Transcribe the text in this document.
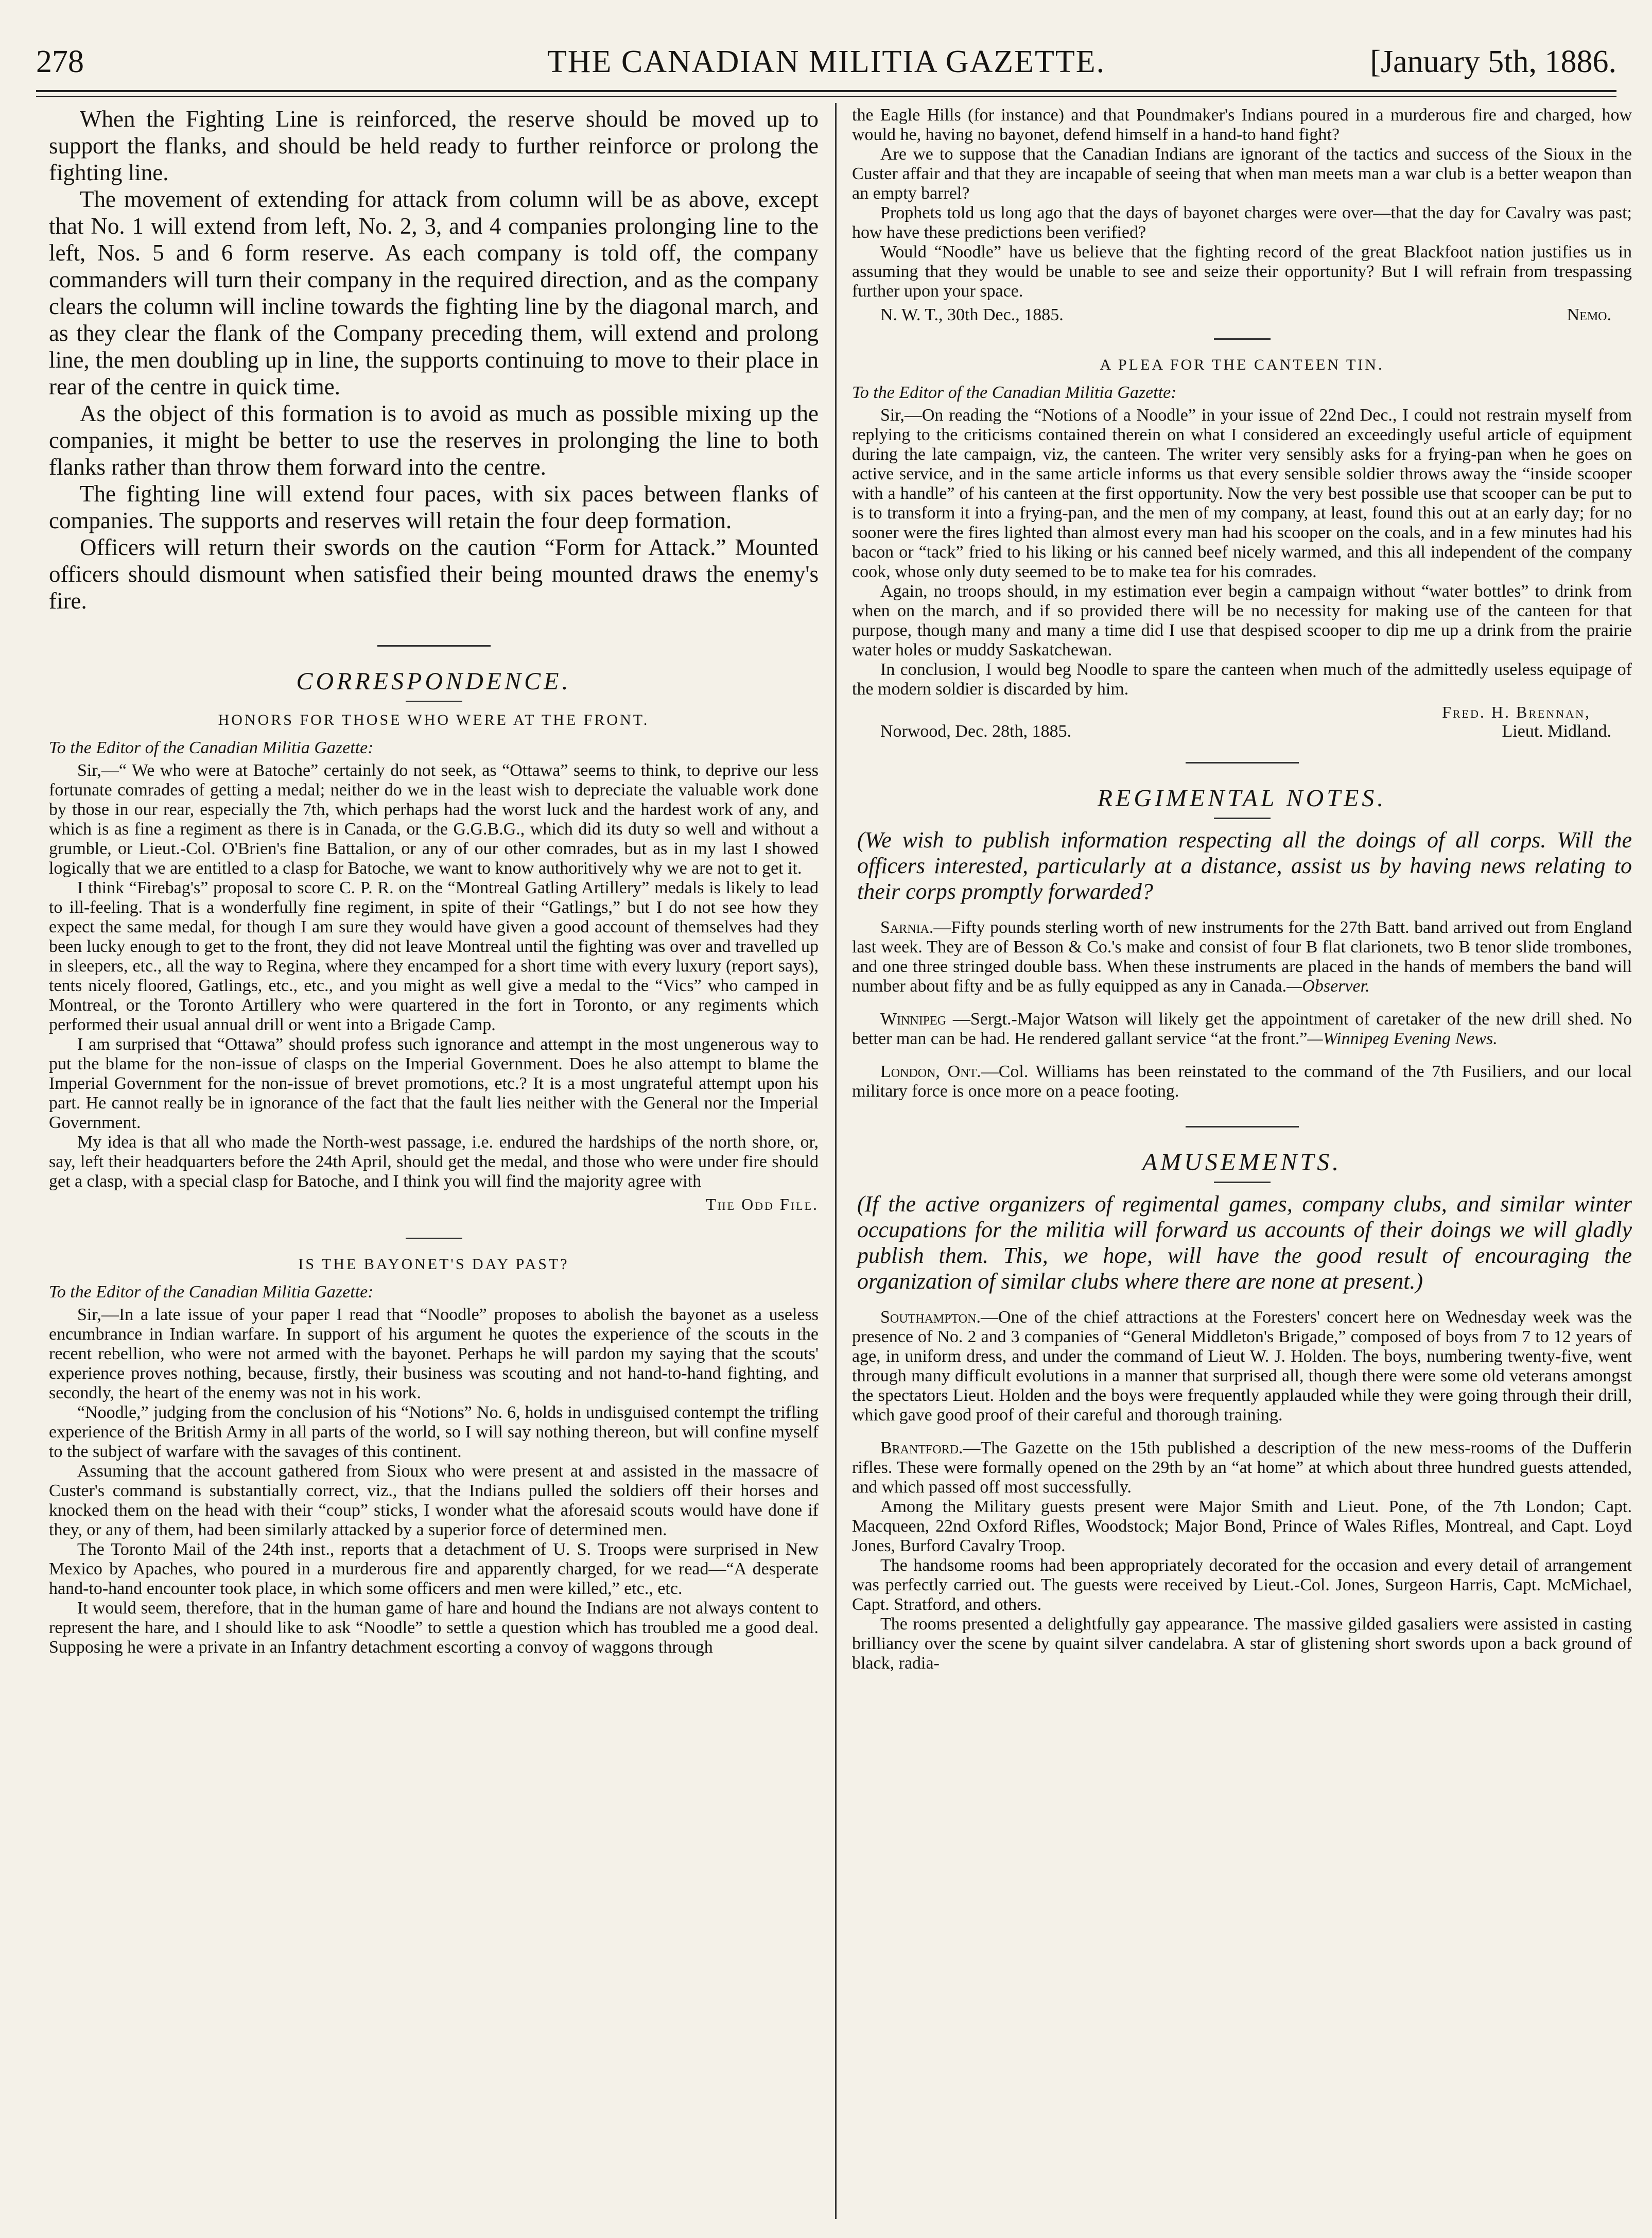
278	THE CANADIAN MILITIA GAZETTE.	[January 5th, 1886.

When the Fighting Line is reinforced, the reserve should be moved up to support the flanks, and should be held ready to further reinforce or prolong the fighting line.

The movement of extending for attack from column will be as above, except that No. 1 will extend from left, No. 2, 3, and 4 companies prolonging line to the left, Nos. 5 and 6 form reserve. As each company is told off, the company commanders will turn their company in the required direction, and as the company clears the column will incline towards the fighting line by the diagonal march, and as they clear the flank of the Company preceding them, will extend and prolong line, the men doubling up in line, the supports continuing to move to their place in rear of the centre in quick time.

As the object of this formation is to avoid as much as possible mixing up the companies, it might be better to use the reserves in prolonging the line to both flanks rather than throw them forward into the centre.

The fighting line will extend four paces, with six paces between flanks of companies. The supports and reserves will retain the four deep formation.

Officers will return their swords on the caution “Form for Attack.” Mounted officers should dismount when satisfied their being mounted draws the enemy's fire.

CORRESPONDENCE.
HONORS FOR THOSE WHO WERE AT THE FRONT.
To the Editor of the Canadian Militia Gazette:

Sir,—“ We who were at Batoche” certainly do not seek, as “Ottawa” seems to think, to deprive our less fortunate comrades of getting a medal; neither do we in the least wish to depreciate the valuable work done by those in our rear, especially the 7th, which perhaps had the worst luck and the hardest work of any, and which is as fine a regiment as there is in Canada, or the G.G.B.G., which did its duty so well and without a grumble, or Lieut.-Col. O'Brien's fine Battalion, or any of our other comrades, but as in my last I showed logically that we are entitled to a clasp for Batoche, we want to know authoritively why we are not to get it.

I think “Firebag's” proposal to score C. P. R. on the “Montreal Gatling Artillery” medals is likely to lead to ill-feeling. That is a wonderfully fine regiment, in spite of their “Gatlings,” but I do not see how they expect the same medal, for though I am sure they would have given a good account of themselves had they been lucky enough to get to the front, they did not leave Montreal until the fighting was over and travelled up in sleepers, etc., all the way to Regina, where they encamped for a short time with every luxury (report says), tents nicely floored, Gatlings, etc., etc., and you might as well give a medal to the “Vics” who camped in Montreal, or the Toronto Artillery who were quartered in the fort in Toronto, or any regiments which performed their usual annual drill or went into a Brigade Camp.

I am surprised that “Ottawa” should profess such ignorance and attempt in the most ungenerous way to put the blame for the non-issue of clasps on the Imperial Government. Does he also attempt to blame the Imperial Government for the non-issue of brevet promotions, etc.? It is a most ungrateful attempt upon his part. He cannot really be in ignorance of the fact that the fault lies neither with the General nor the Imperial Government.

My idea is that all who made the North-west passage, i.e. endured the hardships of the north shore, or, say, left their headquarters before the 24th April, should get the medal, and those who were under fire should get a clasp, with a special clasp for Batoche, and I think you will find the majority agree with

The Odd File.
IS THE BAYONET'S DAY PAST?
To the Editor of the Canadian Militia Gazette:

Sir,—In a late issue of your paper I read that “Noodle” proposes to abolish the bayonet as a useless encumbrance in Indian warfare. In support of his argument he quotes the experience of the scouts in the recent rebellion, who were not armed with the bayonet. Perhaps he will pardon my saying that the scouts' experience proves nothing, because, firstly, their business was scouting and not hand-to-hand fighting, and secondly, the heart of the enemy was not in his work.

“Noodle,” judging from the conclusion of his “Notions” No. 6, holds in undisguised contempt the trifling experience of the British Army in all parts of the world, so I will say nothing thereon, but will confine myself to the subject of warfare with the savages of this continent.

Assuming that the account gathered from Sioux who were present at and assisted in the massacre of Custer's command is substantially correct, viz., that the Indians pulled the soldiers off their horses and knocked them on the head with their “coup” sticks, I wonder what the aforesaid scouts would have done if they, or any of them, had been similarly attacked by a superior force of determined men.

The Toronto Mail of the 24th inst., reports that a detachment of U. S. Troops were surprised in New Mexico by Apaches, who poured in a murderous fire and apparently charged, for we read—“A desperate hand-to-hand encounter took place, in which some officers and men were killed,” etc., etc.

It would seem, therefore, that in the human game of hare and hound the Indians are not always content to represent the hare, and I should like to ask “Noodle” to settle a question which has troubled me a good deal. Supposing he were a private in an Infantry detachment escorting a convoy of waggons through

the Eagle Hills (for instance) and that Poundmaker's Indians poured in a murderous fire and charged, how would he, having no bayonet, defend himself in a hand-to hand fight?

Are we to suppose that the Canadian Indians are ignorant of the tactics and success of the Sioux in the Custer affair and that they are incapable of seeing that when man meets man a war club is a better weapon than an empty barrel?

Prophets told us long ago that the days of bayonet charges were over—that the day for Cavalry was past; how have these predictions been verified?

Would “Noodle” have us believe that the fighting record of the great Blackfoot nation justifies us in assuming that they would be unable to see and seize their opportunity? But I will refrain from trespassing further upon your space.

N. W. T., 30th Dec., 1885.	Nemo.
A PLEA FOR THE CANTEEN TIN.
To the Editor of the Canadian Militia Gazette:

Sir,—On reading the “Notions of a Noodle” in your issue of 22nd Dec., I could not restrain myself from replying to the criticisms contained therein on what I considered an exceedingly useful article of equipment during the late campaign, viz, the canteen. The writer very sensibly asks for a frying-pan when he goes on active service, and in the same article informs us that every sensible soldier throws away the “inside scooper with a handle” of his canteen at the first opportunity. Now the very best possible use that scooper can be put to is to transform it into a frying-pan, and the men of my company, at least, found this out at an early day; for no sooner were the fires lighted than almost every man had his scooper on the coals, and in a few minutes had his bacon or “tack” fried to his liking or his canned beef nicely warmed, and this all independent of the company cook, whose only duty seemed to be to make tea for his comrades.

Again, no troops should, in my estimation ever begin a campaign without “water bottles” to drink from when on the march, and if so provided there will be no necessity for making use of the canteen for that purpose, though many and many a time did I use that despised scooper to dip me up a drink from the prairie water holes or muddy Saskatchewan.

In conclusion, I would beg Noodle to spare the canteen when much of the admittedly useless equipage of the modern soldier is discarded by him.

Fred. H. Brennan,
Norwood, Dec. 28th, 1885.	Lieut. Midland.
REGIMENTAL NOTES.
(We wish to publish information respecting all the doings of all corps. Will the officers interested, particularly at a distance, assist us by having news relating to their corps promptly forwarded?

Sarnia.—Fifty pounds sterling worth of new instruments for the 27th Batt. band arrived out from England last week. They are of Besson & Co.'s make and consist of four B flat clarionets, two B tenor slide trombones, and one three stringed double bass. When these instruments are placed in the hands of members the band will number about fifty and be as fully equipped as any in Canada.—Observer.

Winnipeg —Sergt.-Major Watson will likely get the appointment of caretaker of the new drill shed. No better man can be had. He rendered gallant service “at the front.”—Winnipeg Evening News.

London, Ont.—Col. Williams has been reinstated to the command of the 7th Fusiliers, and our local military force is once more on a peace footing.

AMUSEMENTS.
(If the active organizers of regimental games, company clubs, and similar winter occupations for the militia will forward us accounts of their doings we will gladly publish them. This, we hope, will have the good result of encouraging the organization of similar clubs where there are none at present.)

Southampton.—One of the chief attractions at the Foresters' concert here on Wednesday week was the presence of No. 2 and 3 companies of “General Middleton's Brigade,” composed of boys from 7 to 12 years of age, in uniform dress, and under the command of Lieut W. J. Holden. The boys, numbering twenty-five, went through many difficult evolutions in a manner that surprised all, though there were some old veterans amongst the spectators Lieut. Holden and the boys were frequently applauded while they were going through their drill, which gave good proof of their careful and thorough training.

Brantford.—The Gazette on the 15th published a description of the new mess-rooms of the Dufferin rifles. These were formally opened on the 29th by an “at home” at which about three hundred guests attended, and which passed off most successfully.

Among the Military guests present were Major Smith and Lieut. Pone, of the 7th London; Capt. Macqueen, 22nd Oxford Rifles, Woodstock; Major Bond, Prince of Wales Rifles, Montreal, and Capt. Loyd Jones, Burford Cavalry Troop.

The handsome rooms had been appropriately decorated for the occasion and every detail of arrangement was perfectly carried out. The guests were received by Lieut.-Col. Jones, Surgeon Harris, Capt. McMichael, Capt. Stratford, and others.

The rooms presented a delightfully gay appearance. The massive gilded gasaliers were assisted in casting brilliancy over the scene by quaint silver candelabra. A star of glistening short swords upon a back ground of black, radia-
